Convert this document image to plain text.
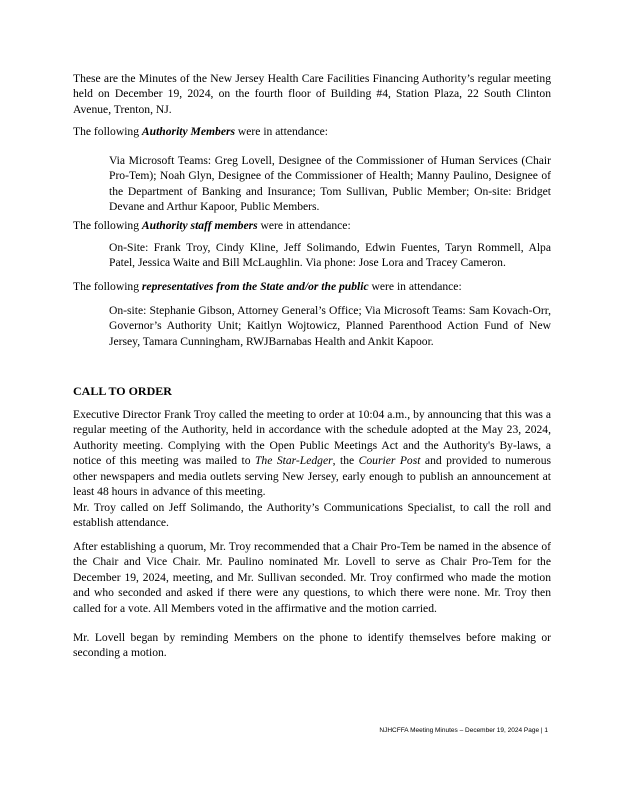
These are the Minutes of the New Jersey Health Care Facilities Financing Authority’s regular meeting held on December 19, 2024, on the fourth floor of Building #4, Station Plaza, 22 South Clinton Avenue, Trenton, NJ.

The following Authority Members were in attendance:

Via Microsoft Teams: Greg Lovell, Designee of the Commissioner of Human Services (Chair Pro-Tem); Noah Glyn, Designee of the Commissioner of Health; Manny Paulino, Designee of the Department of Banking and Insurance; Tom Sullivan, Public Member; On-site: Bridget Devane and Arthur Kapoor, Public Members.

The following Authority staff members were in attendance:

On-Site: Frank Troy, Cindy Kline, Jeff Solimando, Edwin Fuentes, Taryn Rommell, Alpa Patel, Jessica Waite and Bill McLaughlin. Via phone: Jose Lora and Tracey Cameron.

The following representatives from the State and/or the public were in attendance:

On-site: Stephanie Gibson, Attorney General’s Office; Via Microsoft Teams: Sam Kovach-Orr, Governor’s Authority Unit; Kaitlyn Wojtowicz, Planned Parenthood Action Fund of New Jersey, Tamara Cunningham, RWJBarnabas Health and Ankit Kapoor.

CALL TO ORDER

Executive Director Frank Troy called the meeting to order at 10:04 a.m., by announcing that this was a regular meeting of the Authority, held in accordance with the schedule adopted at the May 23, 2024, Authority meeting. Complying with the Open Public Meetings Act and the Authority's By-laws, a notice of this meeting was mailed to The Star-Ledger, the Courier Post and provided to numerous other newspapers and media outlets serving New Jersey, early enough to publish an announcement at least 48 hours in advance of this meeting.

Mr. Troy called on Jeff Solimando, the Authority’s Communications Specialist, to call the roll and establish attendance.

After establishing a quorum, Mr. Troy recommended that a Chair Pro-Tem be named in the absence of the Chair and Vice Chair. Mr. Paulino nominated Mr. Lovell to serve as Chair Pro-Tem for the December 19, 2024, meeting, and Mr. Sullivan seconded. Mr. Troy confirmed who made the motion and who seconded and asked if there were any questions, to which there were none. Mr. Troy then called for a vote. All Members voted in the affirmative and the motion carried.

Mr. Lovell began by reminding Members on the phone to identify themselves before making or seconding a motion.

NJHCFFA Meeting Minutes – December 19, 2024 Page | 1
